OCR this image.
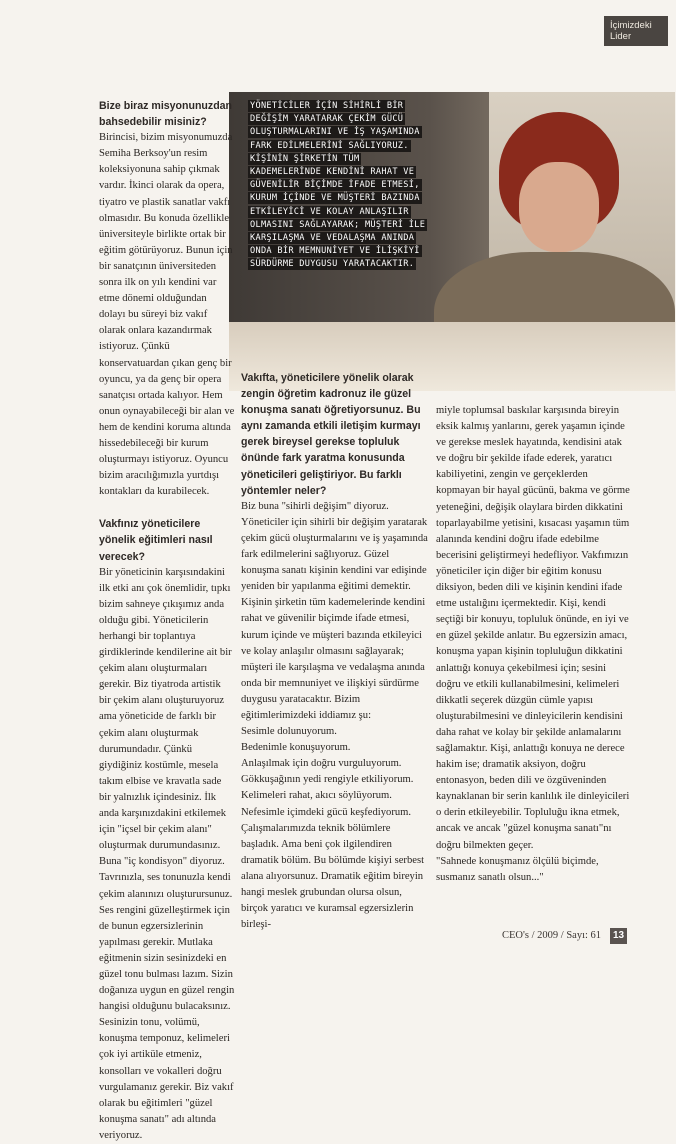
İçimizdeki
Lider
YÖNETİCİLER İÇİN SİHİRLİ BİR DEĞİŞİM YARATARAK ÇEKİM GÜCÜ OLUŞTURMALARINI VE İŞ YAŞAMINDA FARK EDİLMELERİNİ SAĞLIYORUZ. KİŞİNİN ŞİRKETİN TÜM KADEMELERİNDE KENDİNİ RAHAT VE GÜVENİLİR BİÇİMDE İFADE ETMESİ, KURUM İÇİNDE VE MÜŞTERİ BAZINDA ETKİLEYİCİ VE KOLAY ANLAŞILIR OLMASINI SAĞLAYARAK; MÜŞTERİ İLE KARŞILAŞMA VE VEDALAŞMA ANINDA ONDA BİR MEMNUNİYET VE İLİŞKİYİ SÜRDÜRME DUYGUSU YARATACAKTIR.

Bize biraz misyonunuzdan bahsedebilir misiniz?

Birincisi, bizim misyonumuzda Semiha Berksoy'un resim koleksiyonuna sahip çıkmak vardır. İkinci olarak da opera, tiyatro ve plastik sanatlar vakfı olmasıdır. Bu konuda özellikle üniversiteyle birlikte ortak bir eğitim götürüyoruz. Bunun için bir sanatçının üniversiteden sonra ilk on yılı kendini var etme dönemi olduğundan dolayı bu süreyi biz vakıf olarak onlara kazandırmak istiyoruz. Çünkü konservatuardan çıkan genç bir oyuncu, ya da genç bir opera sanatçısı ortada kalıyor. Hem onun oynayabileceği bir alan ve hem de kendini koruma altında hissedebileceği bir kurum oluşturmayı istiyoruz. Oyuncu bizim aracılığımızla yurtdışı kontakları da kurabilecek.

Vakfınız yöneticilere yönelik eğitimleri nasıl verecek?

Bir yöneticinin karşısındakini ilk etki anı çok önemlidir, tıpkı bizim sahneye çıkışımız anda olduğu gibi. Yöneticilerin herhangi bir toplantıya girdiklerinde kendilerine ait bir çekim alanı oluşturmaları gerekir. Biz tiyatroda artistik bir çekim alanı oluşturuyoruz ama yöneticide de farklı bir çekim alanı oluşturmak durumundadır. Çünkü giydiğiniz kostümle, mesela takım elbise ve kravatla sade bir yalnızlık içindesiniz. İlk anda karşınızdakini etkilemek için "içsel bir çekim alanı" oluşturmak durumundasınız. Buna "iç kondisyon" diyoruz. Tavrınızla, ses tonunuzla kendi çekim alanınızı oluşturursunuz. Ses rengini güzelleştirmek için de bunun egzersizlerinin yapılması gerekir. Mutlaka eğitmenin sizin sesinizdeki en güzel tonu bulması lazım. Sizin doğanıza uygun en güzel rengin hangisi olduğunu bulacaksınız. Sesinizin tonu, volümü, konuşma temponuz, kelimeleri çok iyi artiküle etmeniz, konsolları ve vokalleri doğru vurgulamanız gerekir. Biz vakıf olarak bu eğitimleri "güzel konuşma sanatı" adı altında veriyoruz.

Vakıfta, yöneticilere yönelik olarak zengin öğretim kadronuz ile güzel konuşma sanatı öğretiyorsunuz. Bu aynı zamanda etkili iletişim kurmayı gerek bireysel gerekse topluluk önünde fark yaratma konusunda yöneticileri geliştiriyor. Bu farklı yöntemler neler?

Biz buna "sihirli değişim" diyoruz. Yöneticiler için sihirli bir değişim yaratarak çekim gücü oluşturmalarını ve iş yaşamında fark edilmelerini sağlıyoruz. Güzel konuşma sanatı kişinin kendini var edişinde yeniden bir yapılanma eğitimi demektir. Kişinin şirketin tüm kademelerinde kendini rahat ve güvenilir biçimde ifade etmesi, kurum içinde ve müşteri bazında etkileyici ve kolay anlaşılır olmasını sağlayarak; müşteri ile karşılaşma ve vedalaşma anında onda bir memnuniyet ve ilişkiyi sürdürme duygusu yaratacaktır. Bizim eğitimlerimizdeki iddiamız şu:

Sesimle dolunuyorum.

Bedenimle konuşuyorum.

Anlaşılmak için doğru vurguluyorum.

Gökkuşağının yedi rengiyle etkiliyorum.

Kelimeleri rahat, akıcı söylüyorum.

Nefesimle içimdeki gücü keşfediyorum.

Çalışmalarımızda teknik bölümlere başladık. Ama beni çok ilgilendiren dramatik bölüm. Bu bölümde kişiyi serbest alana alıyorsunuz. Dramatik eğitim bireyin hangi meslek grubundan olursa olsun, birçok yaratıcı ve kuramsal egzersizlerin birleşi-

miyle toplumsal baskılar karşısında bireyin eksik kalmış yanlarını, gerek yaşamın içinde ve gerekse meslek hayatında, kendisini atak ve doğru bir şekilde ifade ederek, yaratıcı kabiliyetini, zengin ve gerçeklerden kopmayan bir hayal gücünü, bakma ve görme yeteneğini, değişik olaylara birden dikkatini toparlayabilme yetisini, kısacası yaşamın tüm alanında kendini doğru ifade edebilme becerisini geliştirmeyi hedefliyor. Vakfımızın yöneticiler için diğer bir eğitim konusu diksiyon, beden dili ve kişinin kendini ifade etme ustalığını içermektedir. Kişi, kendi seçtiği bir konuyu, topluluk önünde, en iyi ve en güzel şekilde anlatır. Bu egzersizin amacı, konuşma yapan kişinin topluluğun dikkatini anlattığı konuya çekebilmesi için; sesini doğru ve etkili kullanabilmesini, kelimeleri dikkatli seçerek düzgün cümle yapısı oluşturabilmesini ve dinleyicilerin kendisini daha rahat ve kolay bir şekilde anlamalarını sağlamaktır. Kişi, anlattığı konuya ne derece hakim ise; dramatik aksiyon, doğru entonasyon, beden dili ve özgüveninden kaynaklanan bir serin kanlılık ile dinleyicileri o derin etkileyebilir. Topluluğu ikna etmek, ancak ve ancak "güzel konuşma sanatı"nı doğru bilmekten geçer.

"Sahnede konuşmanız ölçülü biçimde, susmanız sanatlı olsun..."

CEO's / 2009 / Sayı: 61 13
